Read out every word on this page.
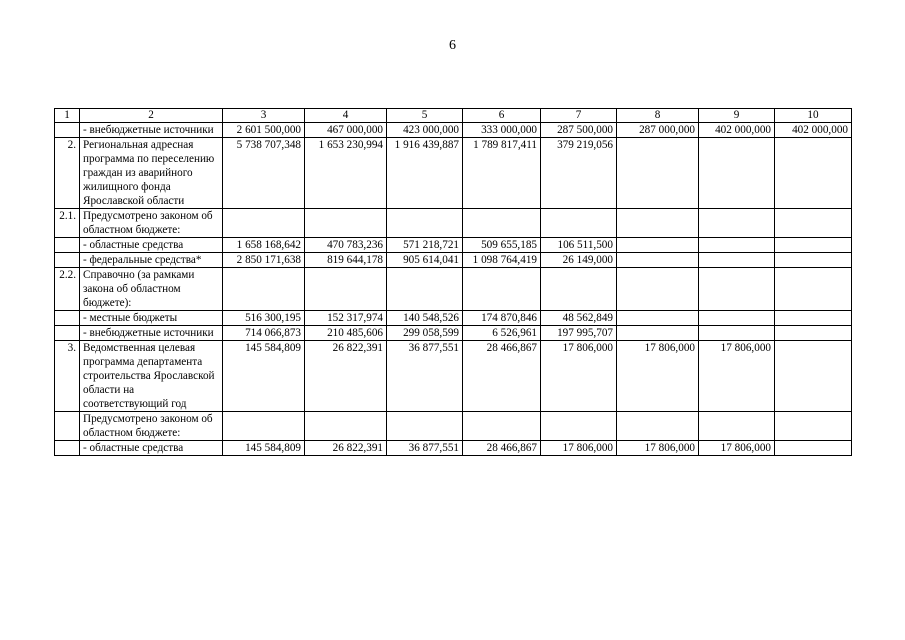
6
1	2	3	4	5	6	7	8	9	10
	- внебюджетные источники	2 601 500,000	467 000,000	423 000,000	333 000,000	287 500,000	287 000,000	402 000,000	402 000,000
2.	Региональная адресная программа по переселению граждан из аварийного жилищного фонда Ярославской области	5 738 707,348	1 653 230,994	1 916 439,887	1 789 817,411	379 219,056			
2.1.	Предусмотрено законом об областном бюджете:								
	- областные средства	1 658 168,642	470 783,236	571 218,721	509 655,185	106 511,500			
	- федеральные средства*	2 850 171,638	819 644,178	905 614,041	1 098 764,419	26 149,000			
2.2.	Справочно (за рамками закона об областном бюджете):								
	- местные бюджеты	516 300,195	152 317,974	140 548,526	174 870,846	48 562,849			
	- внебюджетные источники	714 066,873	210 485,606	299 058,599	6 526,961	197 995,707			
3.	Ведомственная целевая программа департамента строительства Ярославской области на соответствующий год	145 584,809	26 822,391	36 877,551	28 466,867	17 806,000	17 806,000	17 806,000	
	Предусмотрено законом об областном бюджете:								
	- областные средства	145 584,809	26 822,391	36 877,551	28 466,867	17 806,000	17 806,000	17 806,000	
